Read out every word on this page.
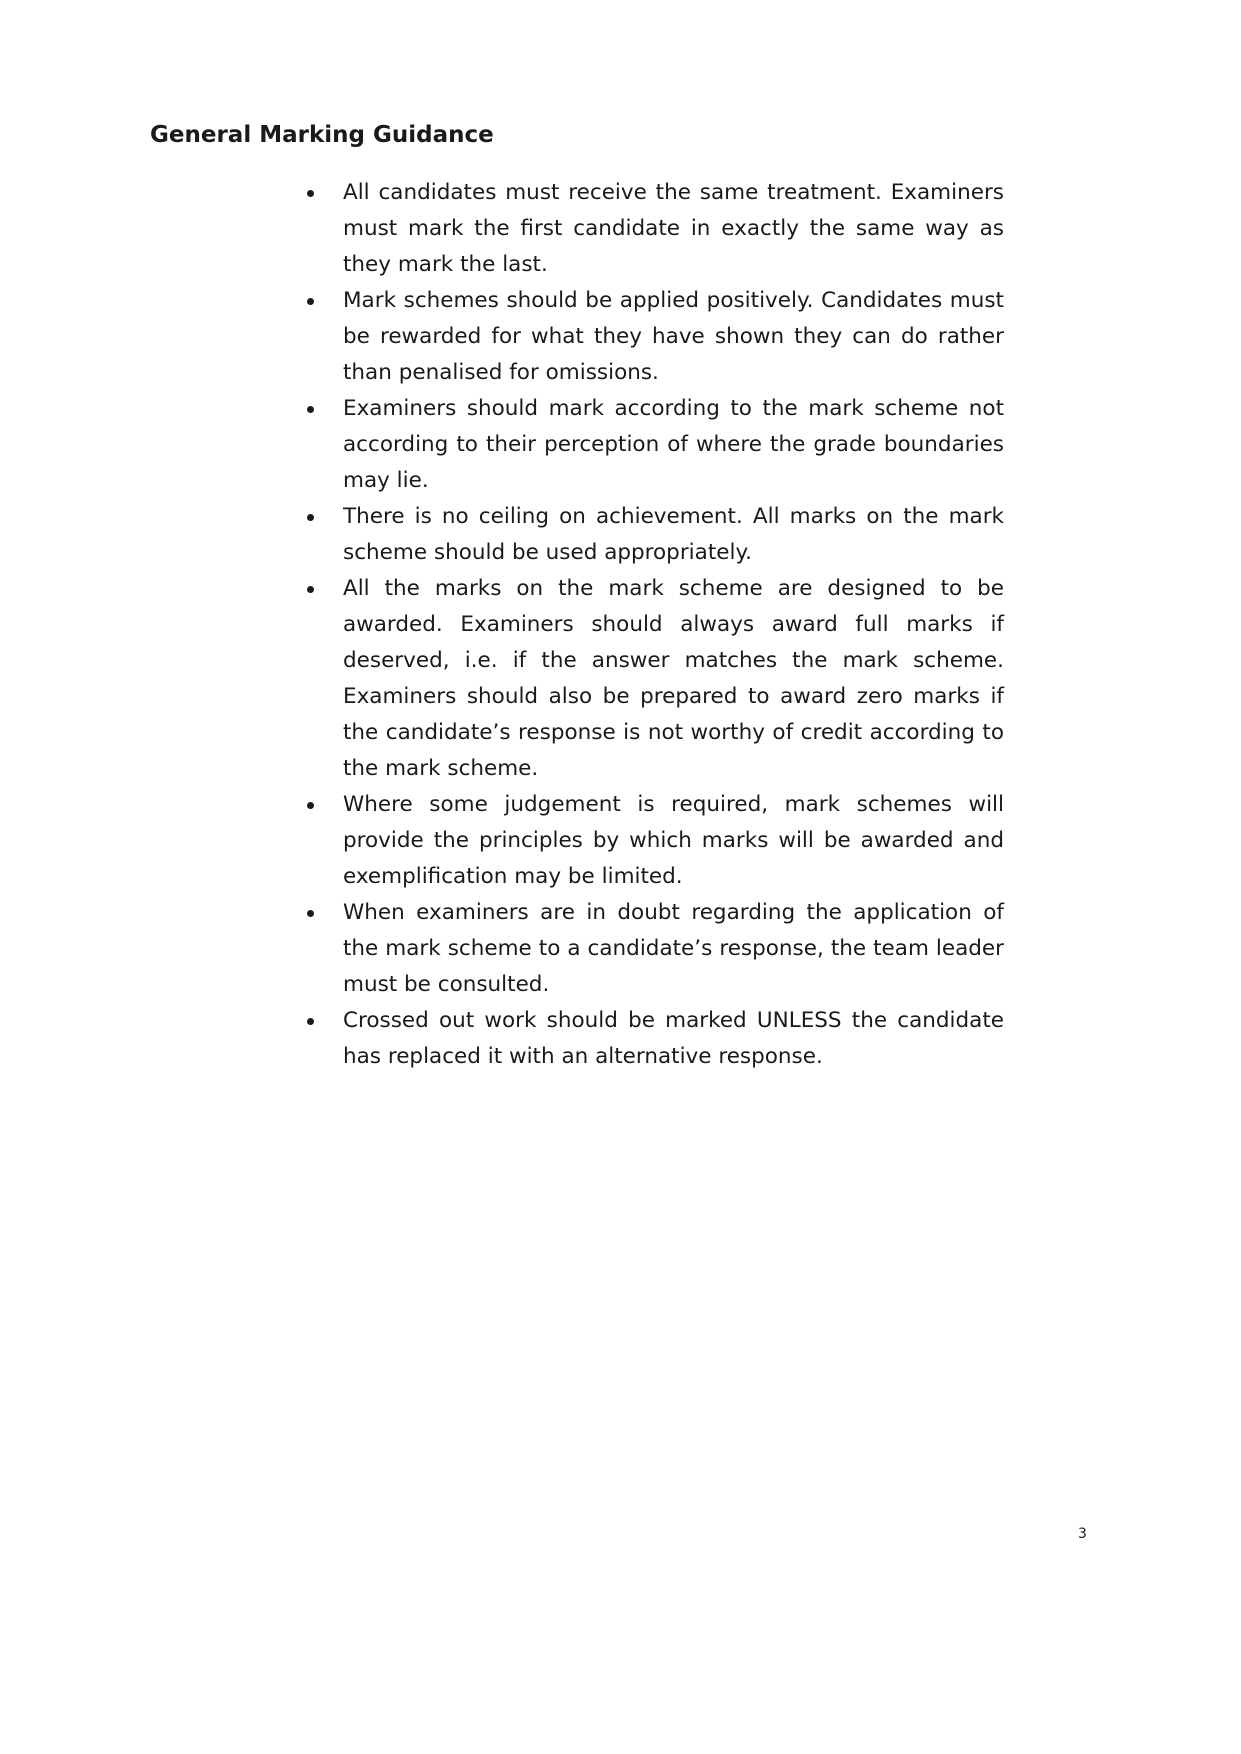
General Marking Guidance
All candidates must receive the same treatment. Examiners must mark the first candidate in exactly the same way as they mark the last.
Mark schemes should be applied positively. Candidates must be rewarded for what they have shown they can do rather than penalised for omissions.
Examiners should mark according to the mark scheme not according to their perception of where the grade boundaries may lie.
There is no ceiling on achievement. All marks on the mark scheme should be used appropriately.
All the marks on the mark scheme are designed to be awarded. Examiners should always award full marks if deserved, i.e. if the answer matches the mark scheme. Examiners should also be prepared to award zero marks if the candidate’s response is not worthy of credit according to the mark scheme.
Where some judgement is required, mark schemes will provide the principles by which marks will be awarded and exemplification may be limited.
When examiners are in doubt regarding the application of the mark scheme to a candidate’s response, the team leader must be consulted.
Crossed out work should be marked UNLESS the candidate has replaced it with an alternative response.
3
